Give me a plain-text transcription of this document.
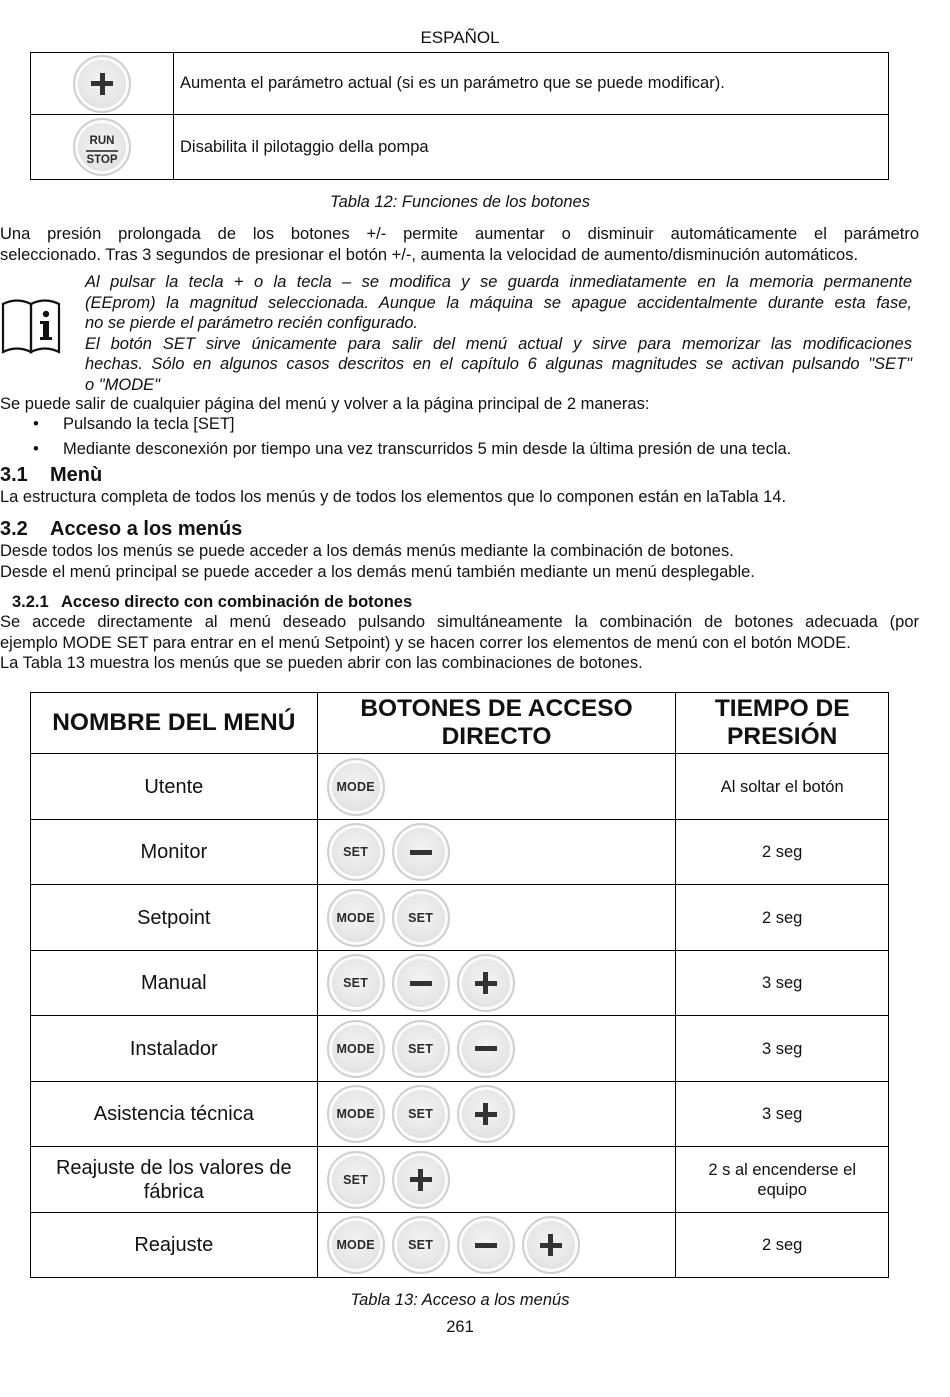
ESPAÑOL
	Aumenta el parámetro actual (si es un parámetro que se puede modificar).

RUN
STOP	Disabilita il pilotaggio della pompa
Tabla 12: Funciones de los botones
Una presión prolongada de los botones +/- permite aumentar o disminuir automáticamente el parámetro
seleccionado. Tras 3 segundos de presionar el botón +/-, aumenta la velocidad de aumento/disminución automáticos.
Al pulsar la tecla + o la tecla – se modifica y se guarda inmediatamente en la memoria permanente
(EEprom) la magnitud seleccionada. Aunque la máquina se apague accidentalmente durante esta fase,
no se pierde el parámetro recién configurado.
El botón SET sirve únicamente para salir del menú actual y sirve para memorizar las modificaciones
hechas. Sólo en algunos casos descritos en el capítulo 6 algunas magnitudes se activan pulsando "SET"
o "MODE"
Se puede salir de cualquier página del menú y volver a la página principal de 2 maneras:
• Pulsando la tecla [SET]
• Mediante desconexión por tiempo una vez transcurridos 5 min desde la última presión de una tecla.
3.1 Menù
La estructura completa de todos los menús y de todos los elementos que lo componen están en laTabla 14.
3.2 Acceso a los menús
Desde todos los menús se puede acceder a los demás menús mediante la combinación de botones.
Desde el menú principal se puede acceder a los demás menú también mediante un menú desplegable.
3.2.1 Acceso directo con combinación de botones
Se accede directamente al menú deseado pulsando simultáneamente la combinación de botones adecuada (por
ejemplo MODE SET para entrar en el menú Setpoint) y se hacen correr los elementos de menú con el botón MODE.
La Tabla 13 muestra los menús que se pueden abrir con las combinaciones de botones.
NOMBRE DEL MENÚ	BOTONES DE ACCESO DIRECTO	TIEMPO DE PRESIÓN
Utente	MODE	Al soltar el botón
Monitor	SET	2 seg
Setpoint	MODE SET	2 seg
Manual	SET	3 seg
Instalador	MODE SET	3 seg
Asistencia técnica	MODE SET	3 seg
Reajuste de los valores de fábrica	SET	2 s al encenderse el equipo
Reajuste	MODE SET	2 seg
Tabla 13: Acceso a los menús
261
